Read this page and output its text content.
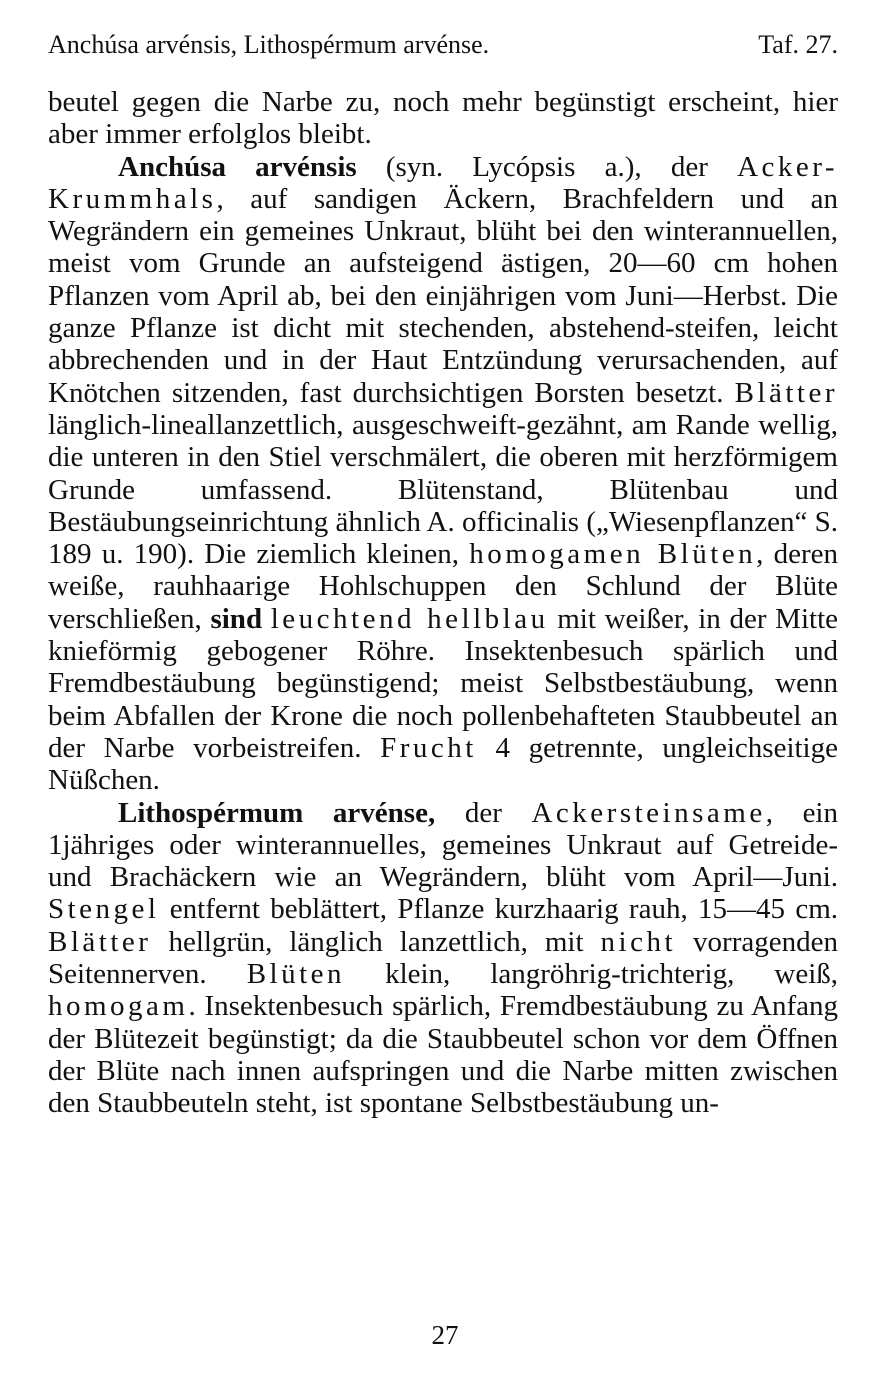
Anchúsa arvénsis, Lithospérmum arvénse.	Taf. 27.

beutel gegen die Narbe zu, noch mehr begünstigt erscheint, hier aber immer erfolglos bleibt.

Anchúsa arvénsis (syn. Lycópsis a.), der Acker-Krummhals, auf sandigen Äckern, Brachfeldern und an Wegrändern ein gemeines Unkraut, blüht bei den winterannuellen, meist vom Grunde an aufsteigend ästigen, 20—60 cm hohen Pflanzen vom April ab, bei den einjährigen vom Juni—Herbst. Die ganze Pflanze ist dicht mit stechenden, abstehend-steifen, leicht abbrechenden und in der Haut Entzündung verursachenden, auf Knötchen sitzenden, fast durchsichtigen Borsten besetzt. Blätter länglich-lineallanzettlich, ausgeschweift-gezähnt, am Rande wellig, die unteren in den Stiel verschmälert, die oberen mit herzförmigem Grunde umfassend. Blütenstand, Blütenbau und Bestäubungseinrichtung ähnlich A. officinalis („Wiesenpflanzen“ S. 189 u. 190). Die ziemlich kleinen, homogamen Blüten, deren weiße, rauhhaarige Hohlschuppen den Schlund der Blüte verschließen, sind leuchtend hellblau mit weißer, in der Mitte knieförmig gebogener Röhre. Insektenbesuch spärlich und Fremdbestäubung begünstigend; meist Selbstbestäubung, wenn beim Abfallen der Krone die noch pollenbehafteten Staubbeutel an der Narbe vorbeistreifen. Frucht 4 getrennte, ungleichseitige Nüßchen.

Lithospérmum arvénse, der Ackersteinsame, ein 1jähriges oder winterannuelles, gemeines Unkraut auf Getreide- und Brachäckern wie an Wegrändern, blüht vom April—Juni. Stengel entfernt beblättert, Pflanze kurzhaarig rauh, 15—45 cm. Blätter hellgrün, länglich lanzettlich, mit nicht vorragenden Seitennerven. Blüten klein, langröhrig-trichterig, weiß, homogam. Insektenbesuch spärlich, Fremdbestäubung zu Anfang der Blütezeit begünstigt; da die Staubbeutel schon vor dem Öffnen der Blüte nach innen aufspringen und die Narbe mitten zwischen den Staubbeuteln steht, ist spontane Selbstbestäubung un-

27
